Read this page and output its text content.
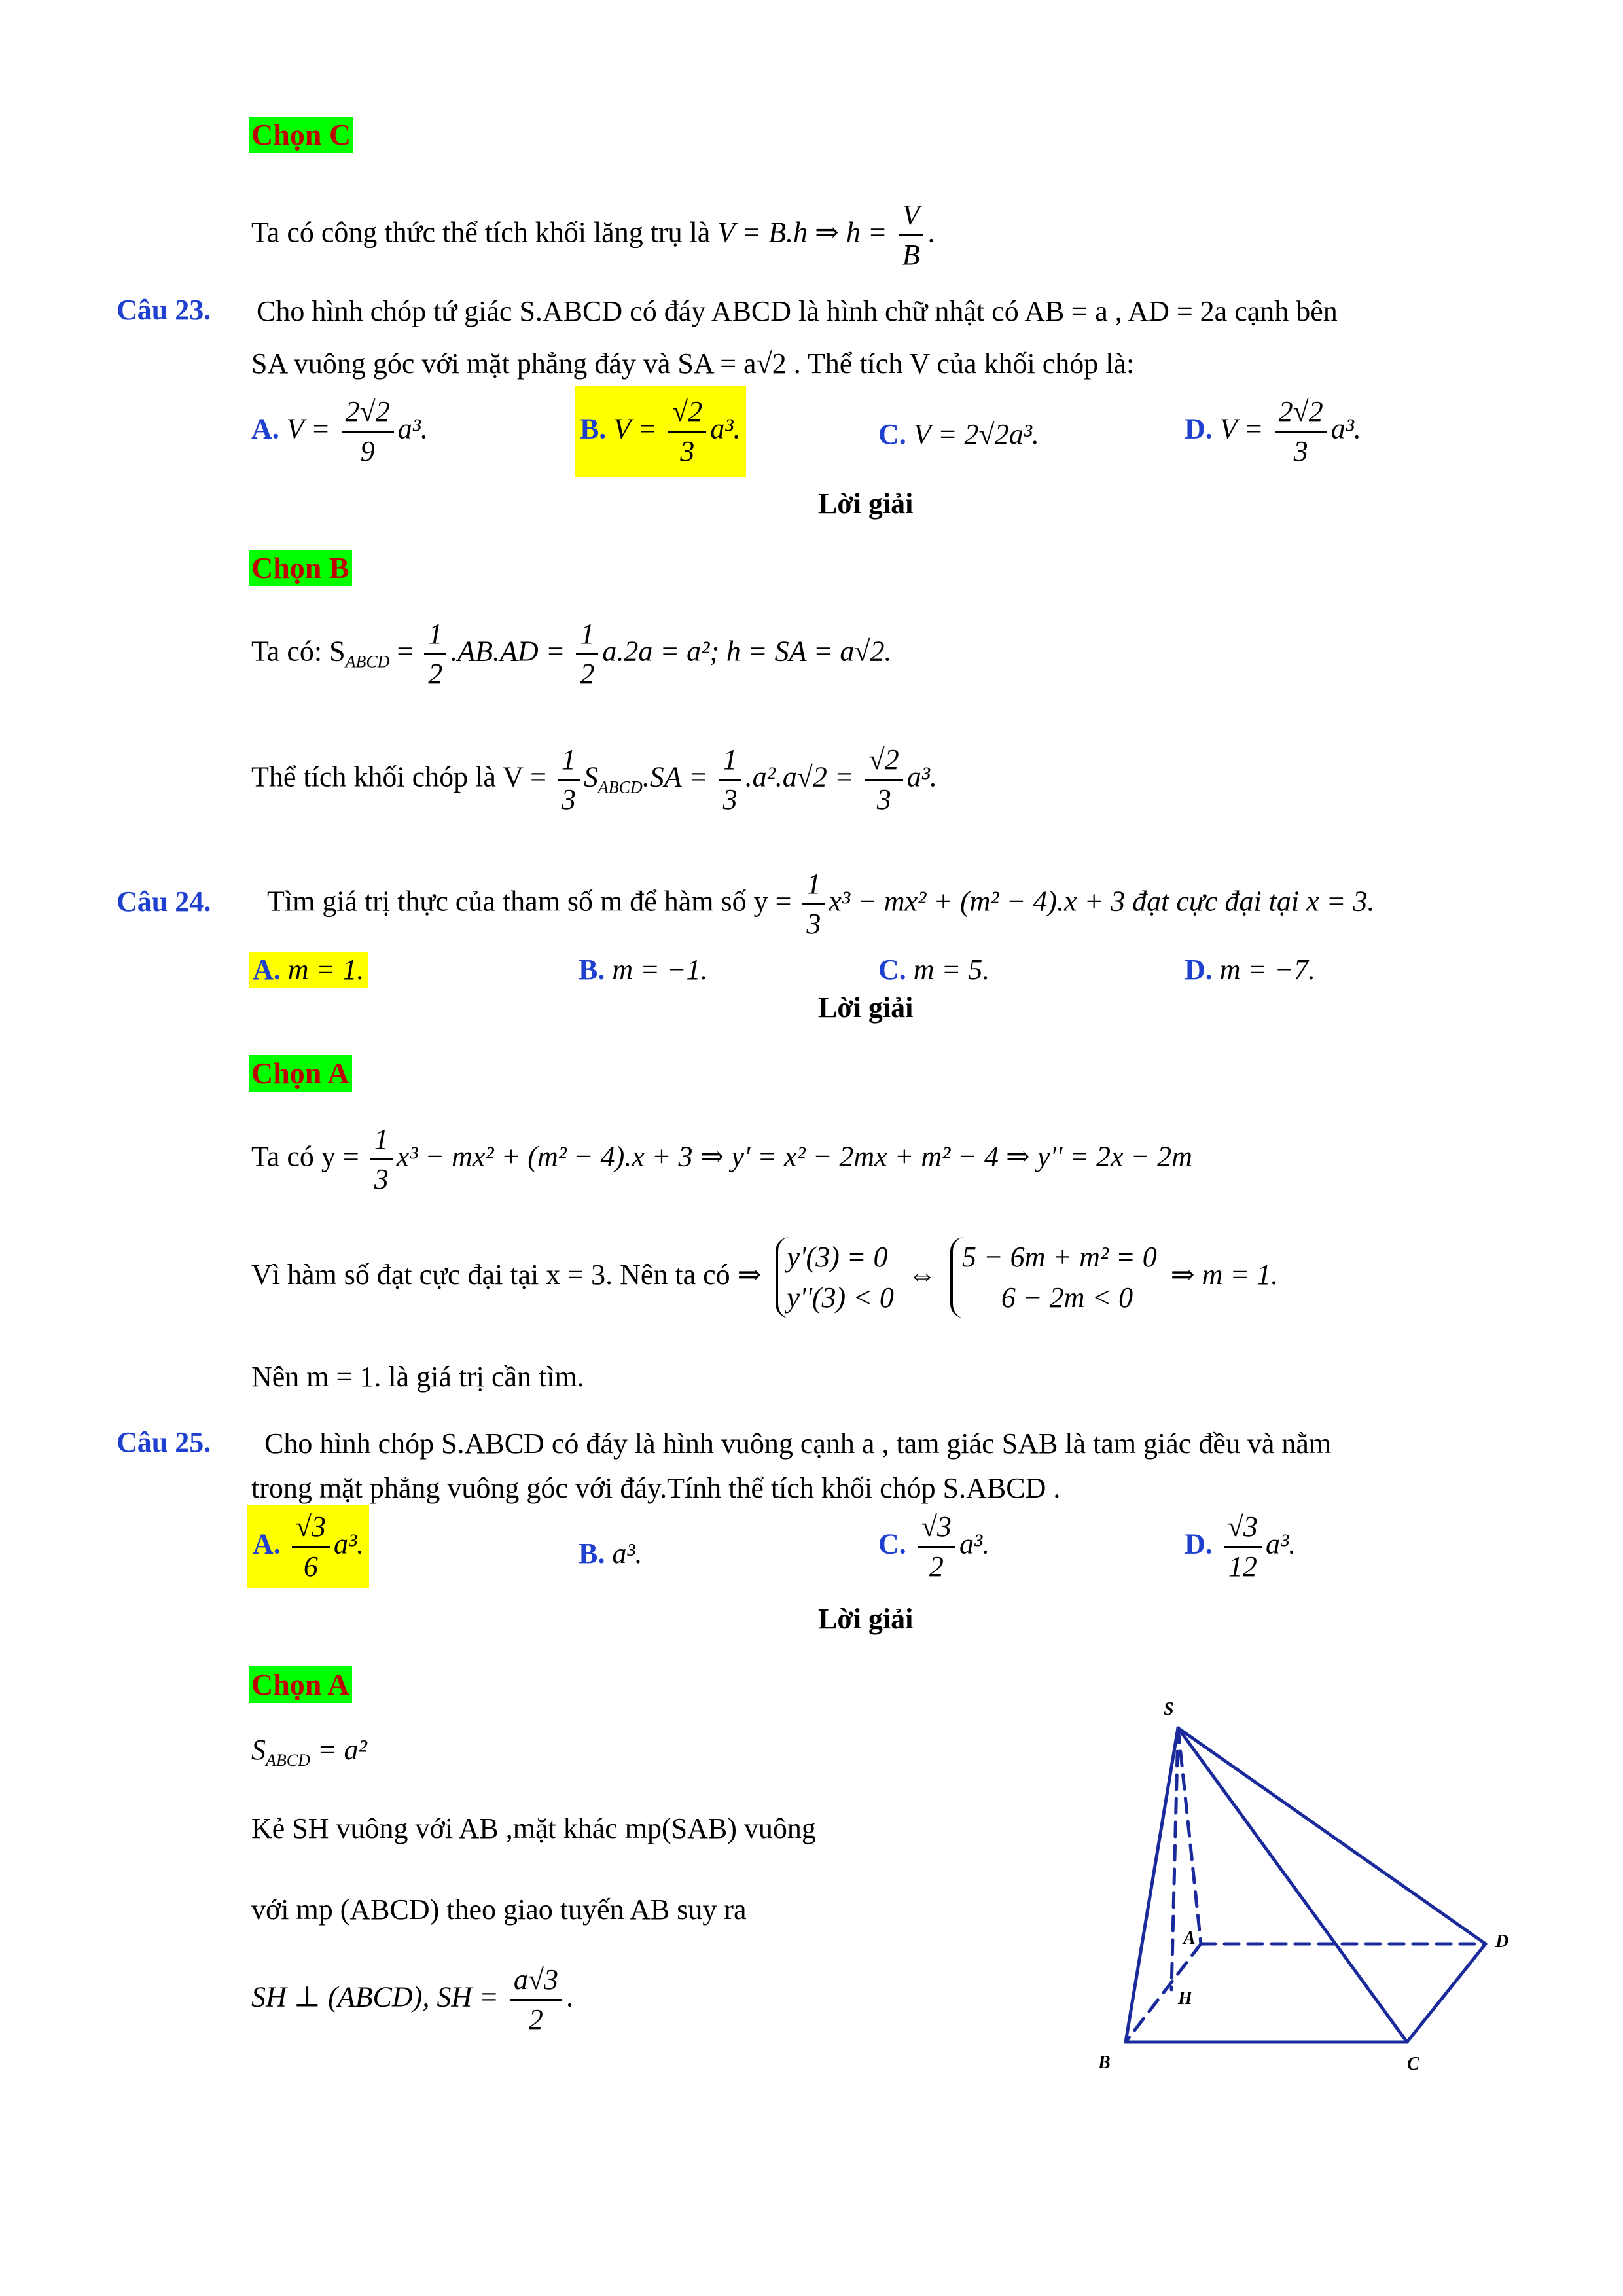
Chọn C
Ta có công thức thể tích khối lăng trụ là V = B.h ⇒ $h = \frac{V}{B}$ .
Câu 23. Cho hình chóp tứ giác S.ABCD có đáy ABCD là hình chữ nhật có AB = a , AD = 2a cạnh bên
SA vuông góc với mặt phẳng đáy và SA = a√2 . Thể tích V của khối chóp là:
A. $V = \frac{2√2}{9} a^3$.	B. $V = \frac{√2}{3} a^3$.	C. V = 2√2a³.	D. $V = \frac{2√2}{3} a^3$.
Lời giải
Chọn B
Ta có: $S_{ABCD} = \frac{1}{2} .AB.AD = \frac{1}{2} a.2a = a^2$; h = SA = a√2.
Thể tích khối chóp là $V = \frac{1}{3} S_{ABCD}.SA = \frac{1}{3} .a^2.a√2 = \frac{√2}{3} a^3$.
Câu 24. Tìm giá trị thực của tham số m để hàm số $y = \frac{1}{3} x^3 - mx^2 + (m^2 - 4).x + 3$ đạt cực đại tại x = 3.
A. m = 1.	B. m = −1.	C. m = 5.	D. m = −7.
Lời giải
Chọn A
Ta có $y = \frac{1}{3} x^3 - mx^2 + (m^2 - 4).x + 3$ ⇒ y' = x² − 2mx + m² − 4 ⇒ y'' = 2x − 2m
Vì hàm số đạt cực đại tại x = 3. Nên ta có ⇒
y'(3) = 0
y''(3) < 0
⇔
5 − 6m + m² = 0
6 − 2m < 0
⇒ m = 1.
Nên m = 1. là giá trị cần tìm.
Câu 25. Cho hình chóp S.ABCD có đáy là hình vuông cạnh a , tam giác SAB là tam giác đều và nằm
trong mặt phẳng vuông góc với đáy.Tính thể tích khối chóp S.ABCD .
A. $\frac{√3}{6} a^3$.	B. a³.	C. $\frac{√3}{2} a^3$.	D. $\frac{√3}{12} a^3$.
Lời giải
Chọn A
$S_{ABCD} = a^2$
Kẻ SH vuông với AB ,mặt khác mp(SAB) vuông
với mp (ABCD) theo giao tuyến AB suy ra
SH ⊥ (ABCD), SH = $\frac{a√3}{2}$ .
S
A
B	C
D
H
